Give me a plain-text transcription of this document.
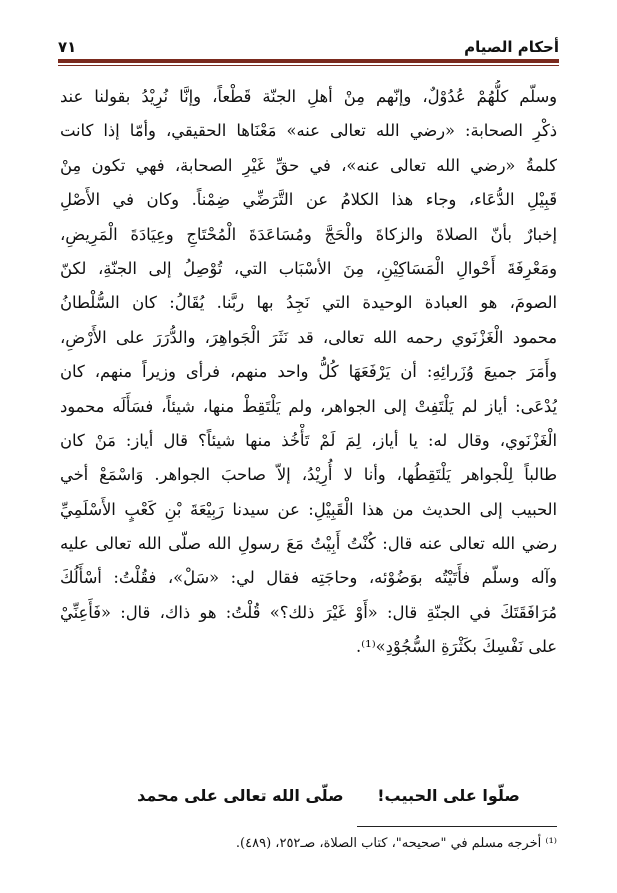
أحكام الصيام
٧١
وسلّم كلُّهُمْ عُدُوْلٌ، وإنّهم مِنْ أهلِ الجنّة قَطْعاً، وإنَّا نُرِيْدُ بقولنا عند
ذكْرِ الصحابة: «رضي الله تعالى عنه» مَعْنَاها الحقيقي، وأمّا إذا كانت
كلمةُ «رضي الله تعالى عنه»، في حقِّ غَيْرِ الصحابة، فهي تكون مِنْ
قَبِيْلِ الدُّعَاء، وجاء هذا الكلامُ عن التَّرَضِّي ضِمْناً. وكان في الأَصْلِ
إخبارٌ بأنّ الصلاةَ والزكاةَ والْحَجَّ ومُسَاعَدَةَ الْمُحْتَاجِ وعِيَادَةَ الْمَرِيضِ،
ومَعْرِفَةَ أَحْوالِ الْمَسَاكِيْنِ، مِنَ الأسْبَاب التي، تُوْصِلُ إلى الجنّةِ، لكنّ
الصومَ، هو العبادة الوحيدة التي نَجِدُ بها ربَّنا. يُقَالُ: كان السُّلْطانُ
محمود الْغَزْنَوي رحمه الله تعالى، قد نَثَرَ الْجَواهِرَ، والدُّرَرَ على الأَرْضِ،
وأَمَرَ جميعَ وُزَرائِهِ: أن يَرْفَعَهَا كُلُّ واحد منهم، فرأى وزيراً منهم، كان
يُدْعَى: أياز لم يَلْتَفِتْ إلى الجواهر، ولم يَلْتَقِطْ منها، شيئاً، فسَأَلَه محمود
الْغَزْنَوي، وقال له: يا أياز، لِمَ لَمْ تَأْخُذ منها شيئاً؟ قال أياز: مَنْ كان
طالباً لِلْجواهر يَلْتَقِطُها، وأنا لا أُرِيْدُ، إلاّ صاحبَ الجواهر. وَاسْمَعْ أخي
الحبيب إلى الحديث من هذا الْقَبِيْلِ: عن سيدنا رَبِيْعَةَ بْنِ كَعْبٍ الأَسْلَمِيِّ
رضي الله تعالى عنه قال: كُنْتُ أَبِيْتُ مَعَ رسولِ الله صلّى الله تعالى عليه
وآله وسلّم فأَتَيْتُه بوَضُوْئه، وحاجَتِه فقال لي: «سَلْ»، فقُلْتُ: أسْأَلُكَ
مُرَافَقَتَكَ في الجنّةِ قال: «أَوْ غَيْرَ ذلك؟» قُلْتُ: هو ذاك، قال: «فَأَعِنِّيْ
على نَفْسِكَ بكَثْرَةِ السُّجُوْدِ»⁽¹⁾.
صلّوا على الحبيب! صلّى الله تعالى على محمد
⁽¹⁾ أخرجه مسلم في "صحيحه"، كتاب الصلاة، صـ٢٥٢، (٤٨٩).
